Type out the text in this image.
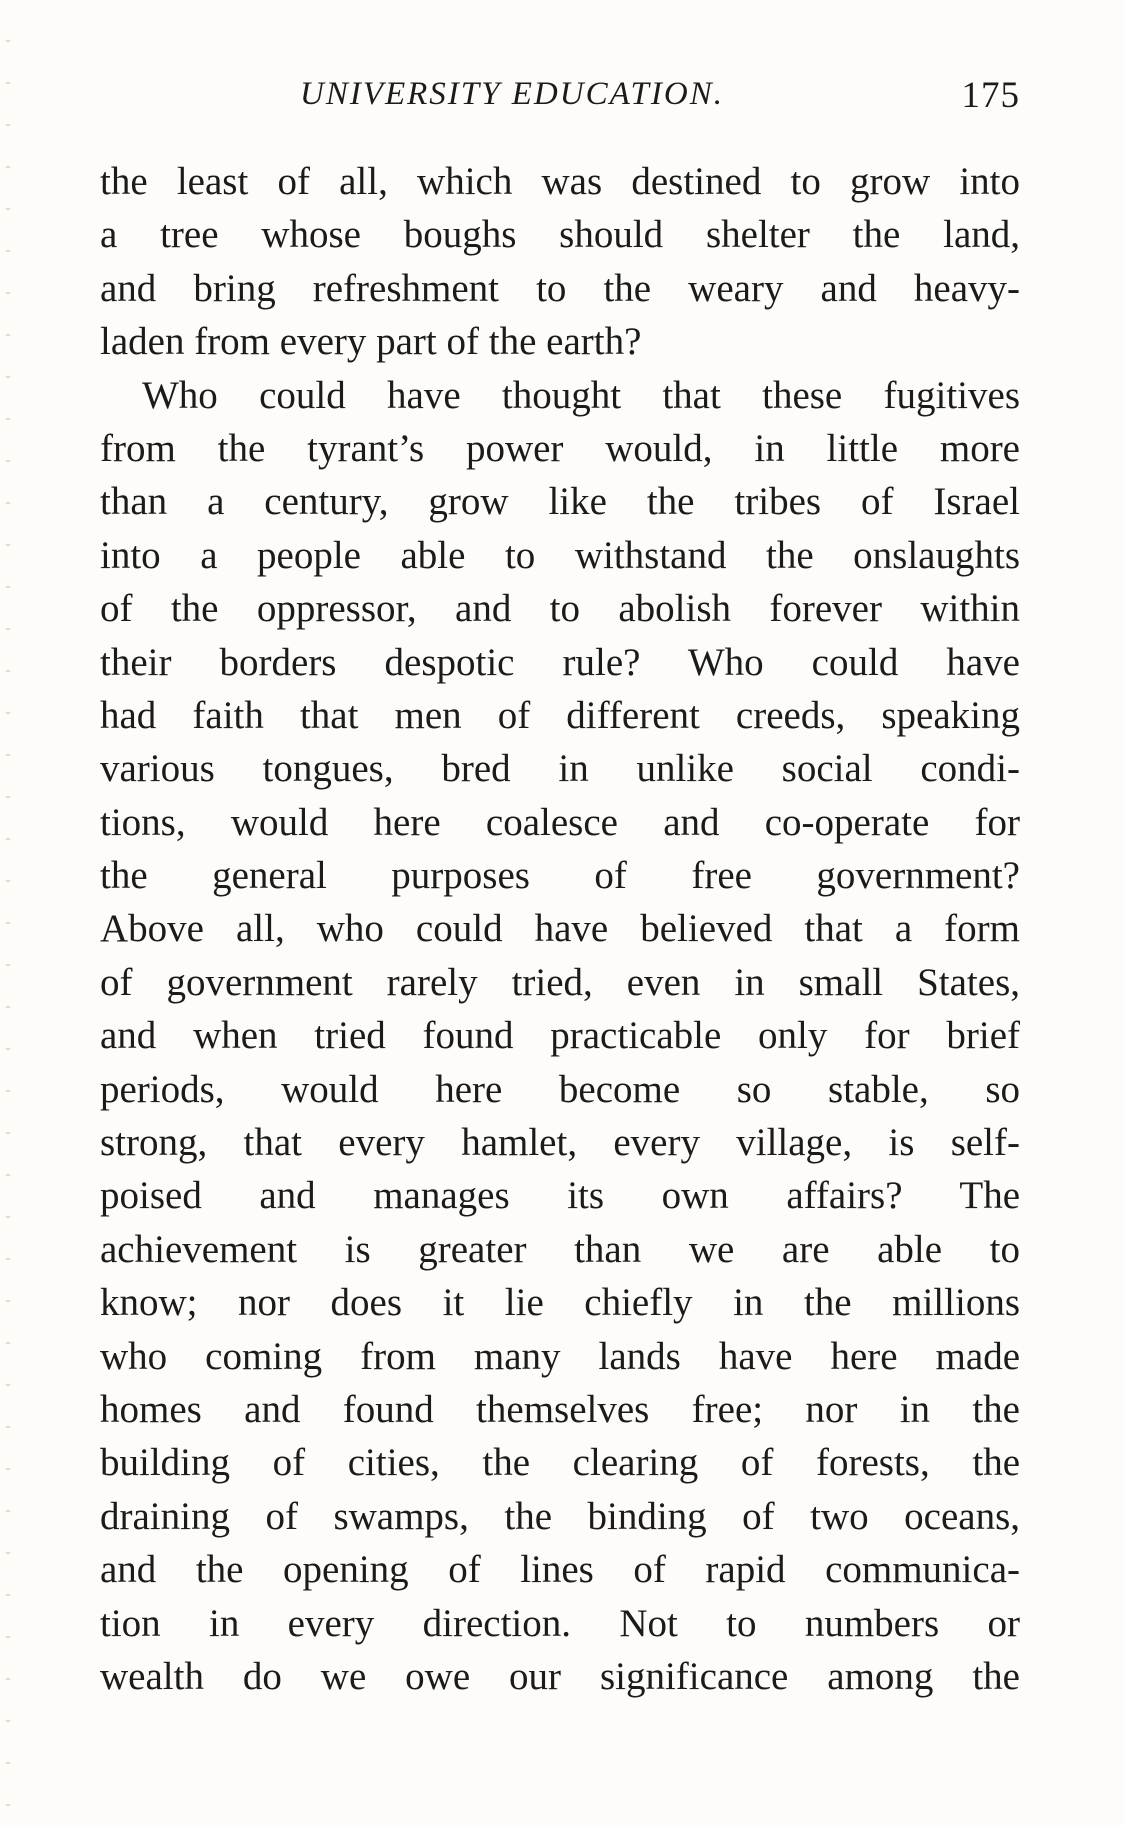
UNIVERSITY EDUCATION.	175
the least of all, which was destined to grow into
a tree whose boughs should shelter the land,
and bring refreshment to the weary and heavy-
laden from every part of the earth?
Who could have thought that these fugitives
from the tyrant’s power would, in little more
than a century, grow like the tribes of Israel
into a people able to withstand the onslaughts
of the oppressor, and to abolish forever within
their borders despotic rule? Who could have
had faith that men of different creeds, speaking
various tongues, bred in unlike social condi-
tions, would here coalesce and co-operate for
the general purposes of free government?
Above all, who could have believed that a form
of government rarely tried, even in small States,
and when tried found practicable only for brief
periods, would here become so stable, so
strong, that every hamlet, every village, is self-
poised and manages its own affairs? The
achievement is greater than we are able to
know; nor does it lie chiefly in the millions
who coming from many lands have here made
homes and found themselves free; nor in the
building of cities, the clearing of forests, the
draining of swamps, the binding of two oceans,
and the opening of lines of rapid communica-
tion in every direction. Not to numbers or
wealth do we owe our significance among the
